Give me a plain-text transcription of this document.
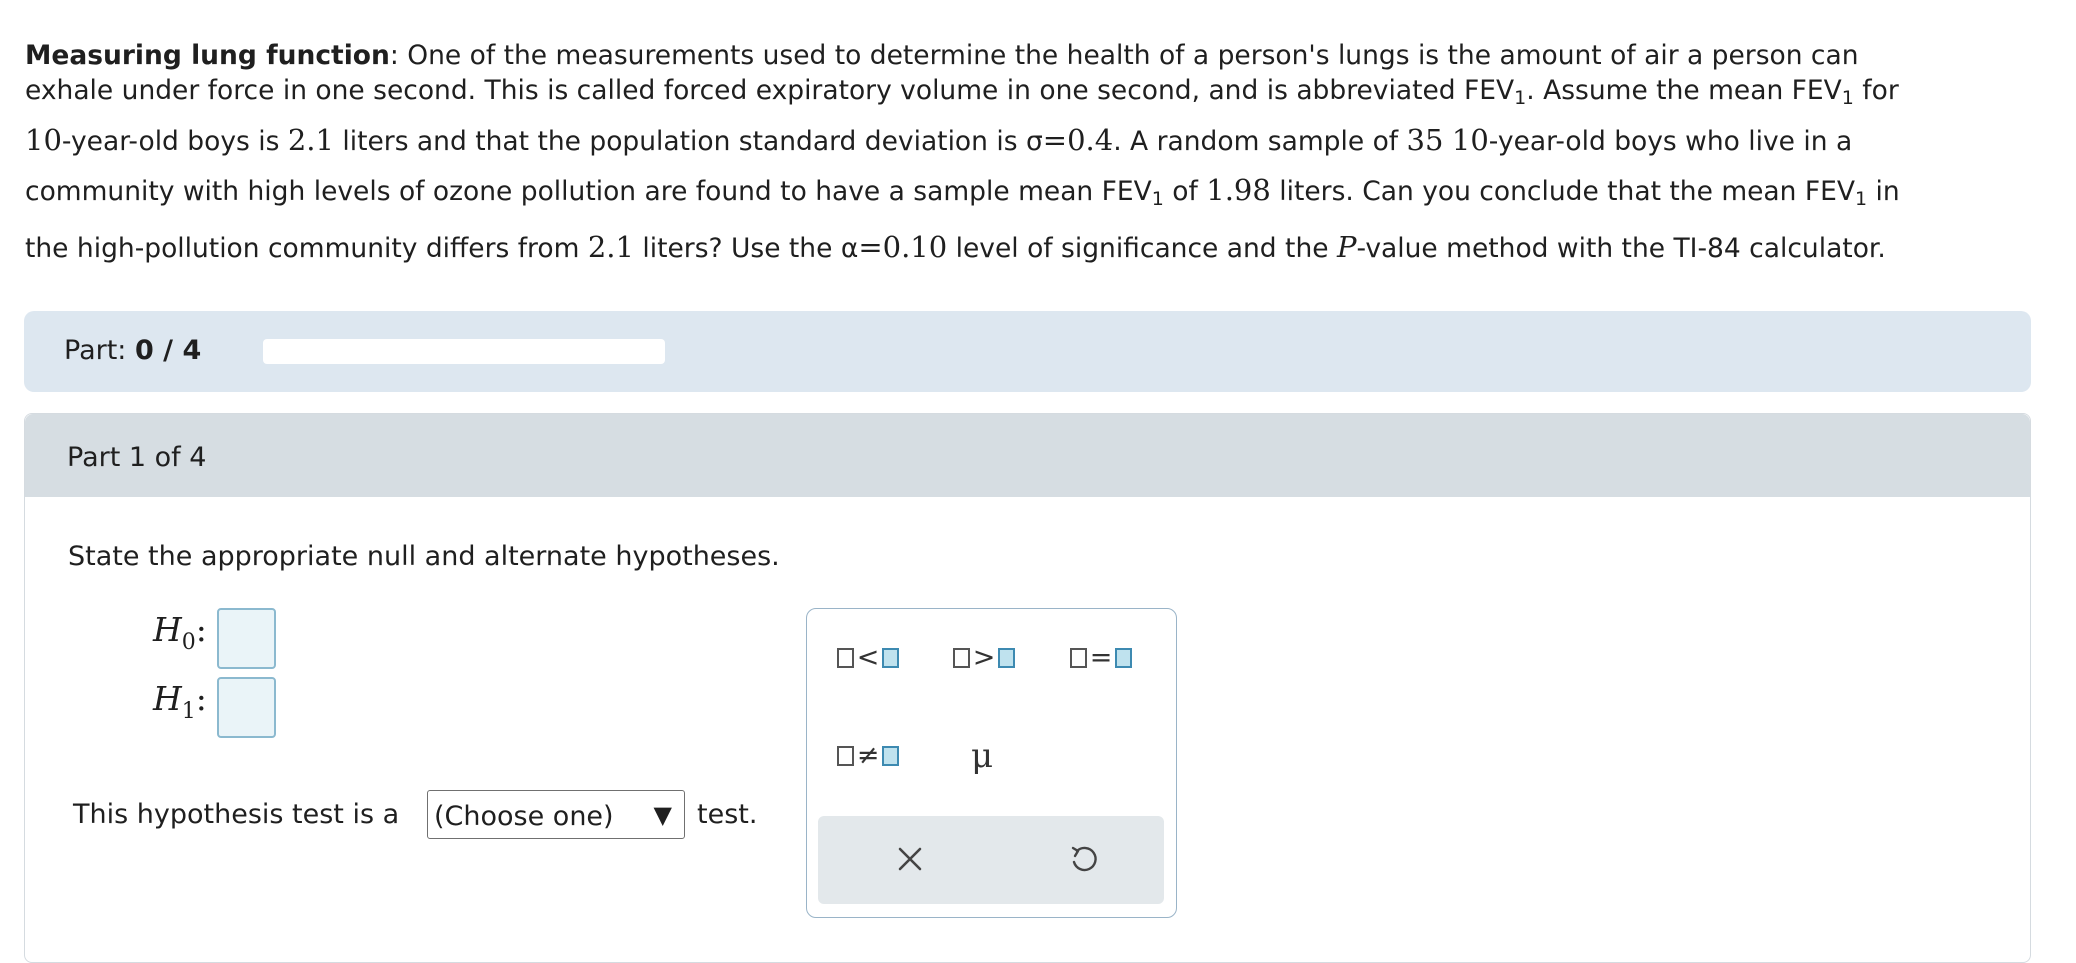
Measuring lung function: One of the measurements used to determine the health of a person's lungs is the amount of air a person can
exhale under force in one second. This is called forced expiratory volume in one second, and is abbreviated $FEV_1$. Assume the mean $FEV_1$ for
10-year-old boys is 2.1 liters and that the population standard deviation is σ=0.4. A random sample of 35 10-year-old boys who live in a
community with high levels of ozone pollution are found to have a sample mean $FEV_1$ of 1.98 liters. Can you conclude that the mean $FEV_1$ in
the high-pollution community differs from 2.1 liters? Use the α=0.10 level of significance and the P-value method with the TI-84 calculator.
Part: 0 / 4
Part 1 of 4
State the appropriate null and alternate hypotheses.
$H_0$:
$H_1$:
This hypothesis test is a (Choose one) ▼ test.
<	>	=
≠	μ
